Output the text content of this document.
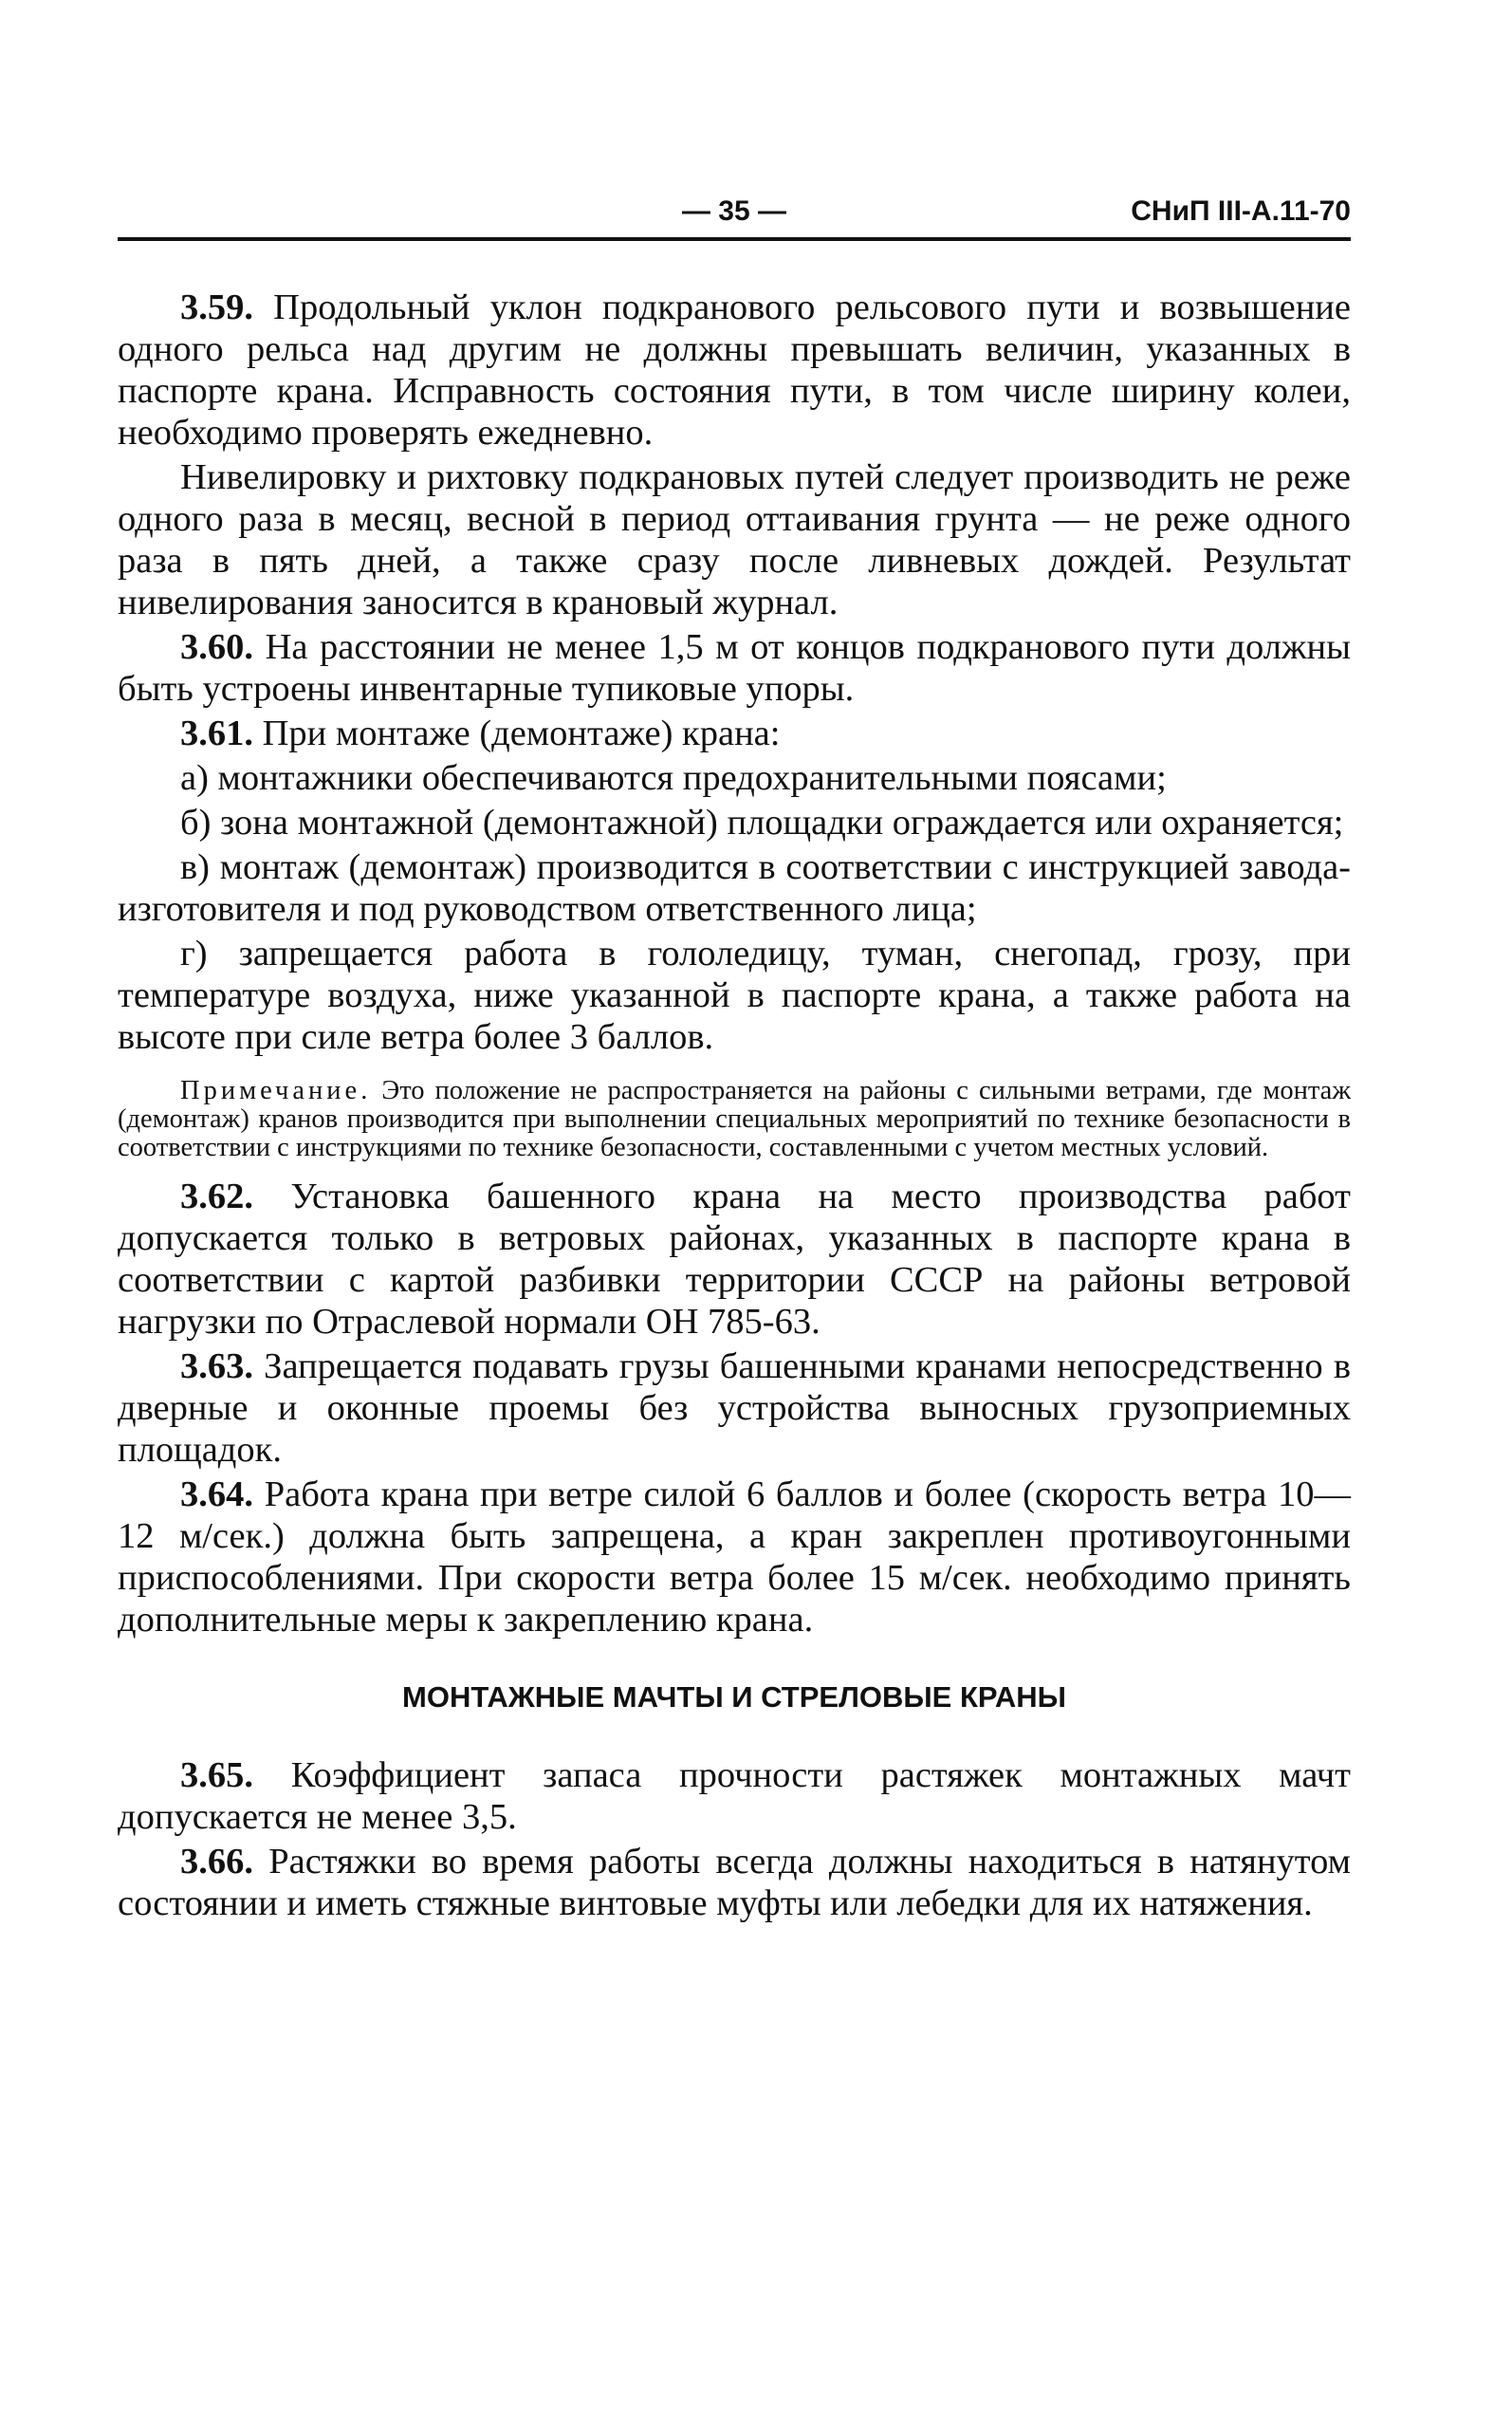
— 35 —	СНиП III-А.11-70

3.59. Продольный уклон подкранового рельсового пути и возвышение одного рельса над другим не должны превышать величин, указанных в паспорте крана. Исправность состояния пути, в том числе ширину колеи, необходимо проверять ежедневно.

Нивелировку и рихтовку подкрановых путей следует производить не реже одного раза в месяц, весной в период оттаивания грунта — не реже одного раза в пять дней, а также сразу после ливневых дождей. Результат нивелирования заносится в крановый журнал.

3.60. На расстоянии не менее 1,5 м от концов подкранового пути должны быть устроены инвентарные тупиковые упоры.

3.61. При монтаже (демонтаже) крана:

а) монтажники обеспечиваются предохранительными поясами;

б) зона монтажной (демонтажной) площадки ограждается или охраняется;

в) монтаж (демонтаж) производится в соответствии с инструкцией завода-изготовителя и под руководством ответственного лица;

г) запрещается работа в гололедицу, туман, снегопад, грозу, при температуре воздуха, ниже указанной в паспорте крана, а также работа на высоте при силе ветра более 3 баллов.

Примечание. Это положение не распространяется на районы с сильными ветрами, где монтаж (демонтаж) кранов производится при выполнении специальных мероприятий по технике безопасности в соответствии с инструкциями по технике безопасности, составленными с учетом местных условий.

3.62. Установка башенного крана на место производства работ допускается только в ветровых районах, указанных в паспорте крана в соответствии с картой разбивки территории СССР на районы ветровой нагрузки по Отраслевой нормали ОН 785-63.

3.63. Запрещается подавать грузы башенными кранами непосредственно в дверные и оконные проемы без устройства выносных грузоприемных площадок.

3.64. Работа крана при ветре силой 6 баллов и более (скорость ветра 10—12 м/сек.) должна быть запрещена, а кран закреплен противоугонными приспособлениями. При скорости ветра более 15 м/сек. необходимо принять дополнительные меры к закреплению крана.

МОНТАЖНЫЕ МАЧТЫ И СТРЕЛОВЫЕ КРАНЫ

3.65. Коэффициент запаса прочности растяжек монтажных мачт допускается не менее 3,5.

3.66. Растяжки во время работы всегда должны находиться в натянутом состоянии и иметь стяжные винтовые муфты или лебедки для их натяжения.
